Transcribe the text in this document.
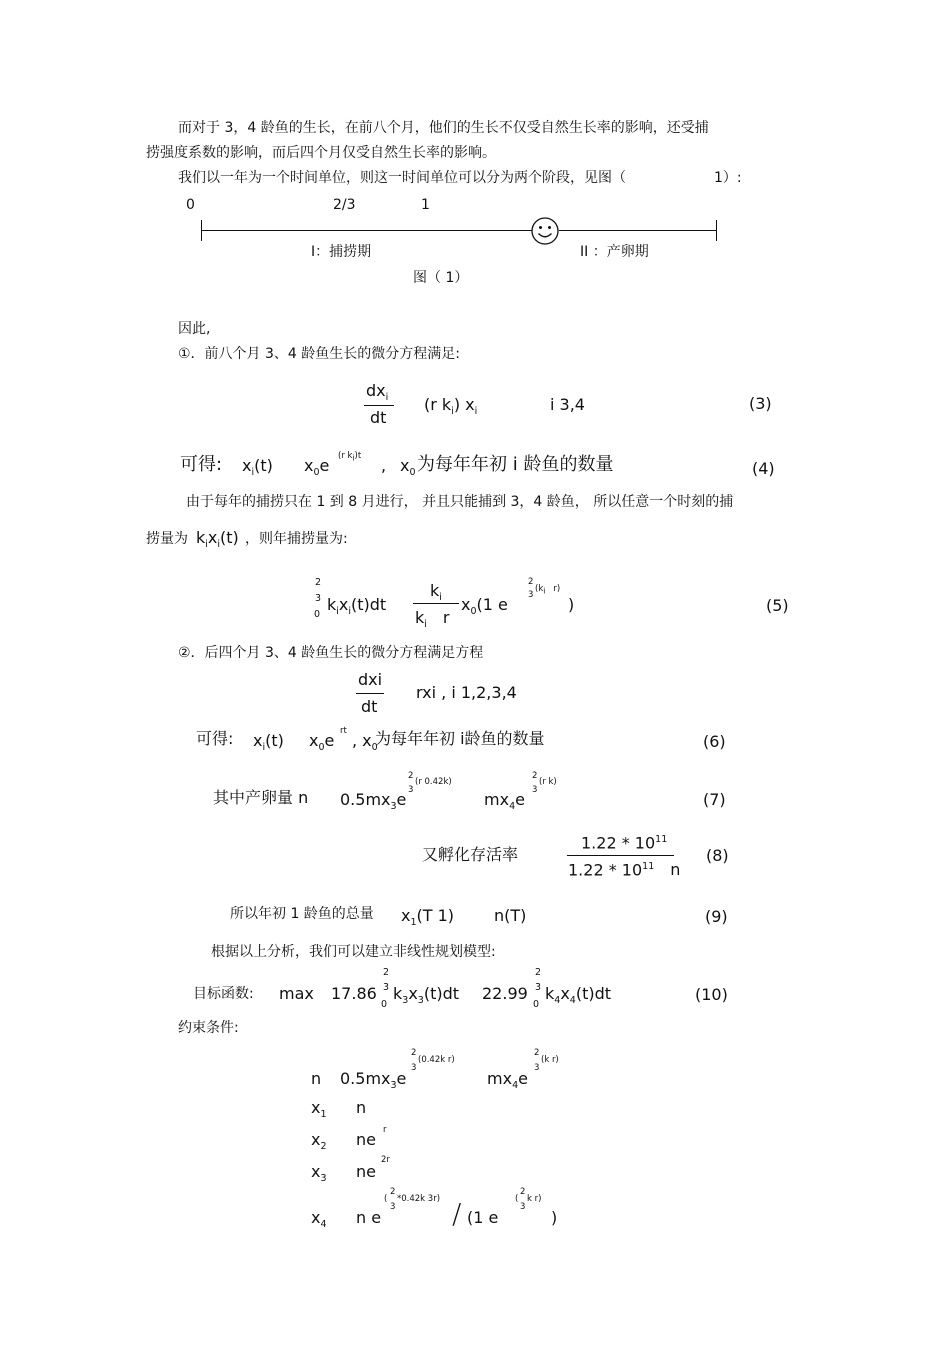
而对于 3，4 龄鱼的生长，在前八个月，他们的生长不仅受自然生长率的影响，还受捕
捞强度系数的影响，而后四个月仅受自然生长率的影响。
我们以一年为一个时间单位，则这一时间单位可以分为两个阶段，见图（	1）:
0	2/3	1
I：捕捞期	II ：产卵期
图（ 1）
因此,
①．前八个月 3、4 龄鱼生长的微分方程满足:
$dx_i$
dt
(r $k_i$) $x_i$	i 3,4	(3)
可得: $x_i(t)$ $x_0e$ (r $k_i)t$ , $x_0$ 为每年年初 i 龄鱼的数量	(4)
由于每年的捕捞只在 1 到 8 月进行， 并且只能捕到 3，4 龄鱼， 所以任意一个时刻的捕
捞量为 $k_ix_i(t)$ ，则年捕捞量为:
2
3
0
$k_ix_i(t)dt$
$k_i$
$k_i$ r
$x_0(1$ e
2
3
($k_i$ r)
)	(5)
②．后四个月 3、4 龄鱼生长的微分方程满足方程
dxi
dt
rxi , i 1,2,3,4
可得: $x_i(t)$ $x_0e$ rt , $x_0$
为每年年初 i龄鱼的数量	(6)
其中产卵量 n $0.5mx_3e$
2
3
(r 0.42k)
$mx_4e$
2
3
(r k)
(7)
又孵化存活率
$1.22 * 10^{11}$
$1.22 * 10^{11}$ n
(8)
所以年初 1 龄鱼的总量 $x_1(T$ 1) n(T)	(9)
根据以上分析，我们可以建立非线性规划模型:
目标函数: max 17.86
2
3
0
$k_3x_3(t)dt$ 22.99
2
3
0
$k_4x_4(t)dt$	(10)
约束条件:
n $0.5mx_3e$
2
3
(0.42k r)
$mx_4e$
2
3
(k r)
$x_1$ n
$x_2$ ne r
$x_3$ ne
2r
$x_4$ n e
(
2
3
*0.42k 3r) / (1 e
(
2
3
k r)
)
